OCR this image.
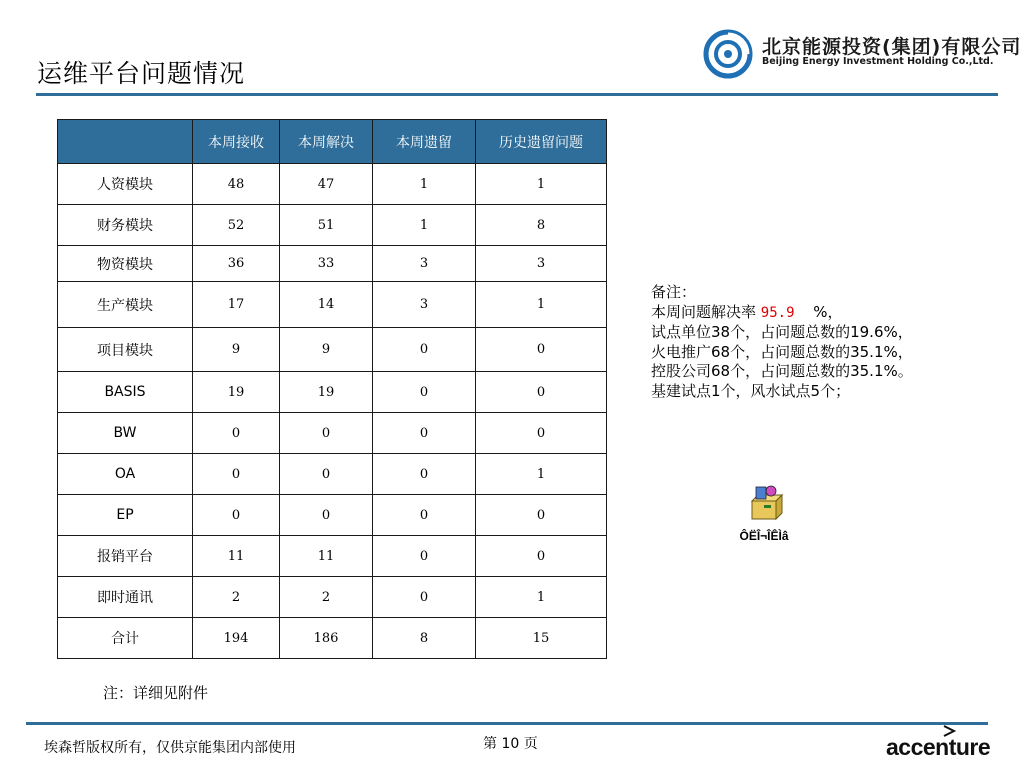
运维平台问题情况
北京能源投资(集团)有限公司
Beijing Energy Investment Holding Co.,Ltd.
	本周接收	本周解决	本周遗留	历史遗留问题
人资模块	48	47	1	1
财务模块	52	51	1	8
物资模块	36	33	3	3
生产模块	17	14	3	1
项目模块	9	9	0	0
BASIS	19	19	0	0
BW	0	0	0	0
OA	0	0	0	1
EP	0	0	0	0
报销平台	11	11	0	0
即时通讯	2	2	0	1
合计	194	186	8	15
备注：
本周问题解决率 95.9 %，
试点单位38个，占问题总数的19.6%，
火电推广68个，占问题总数的35.1%，
控股公司68个，占问题总数的35.1%。
基建试点1个，风水试点5个；
ÔËÎ¬ÎÊÌâ
注：详细见附件
埃森哲版权所有，仅供京能集团内部使用	第 10 页	accenture
